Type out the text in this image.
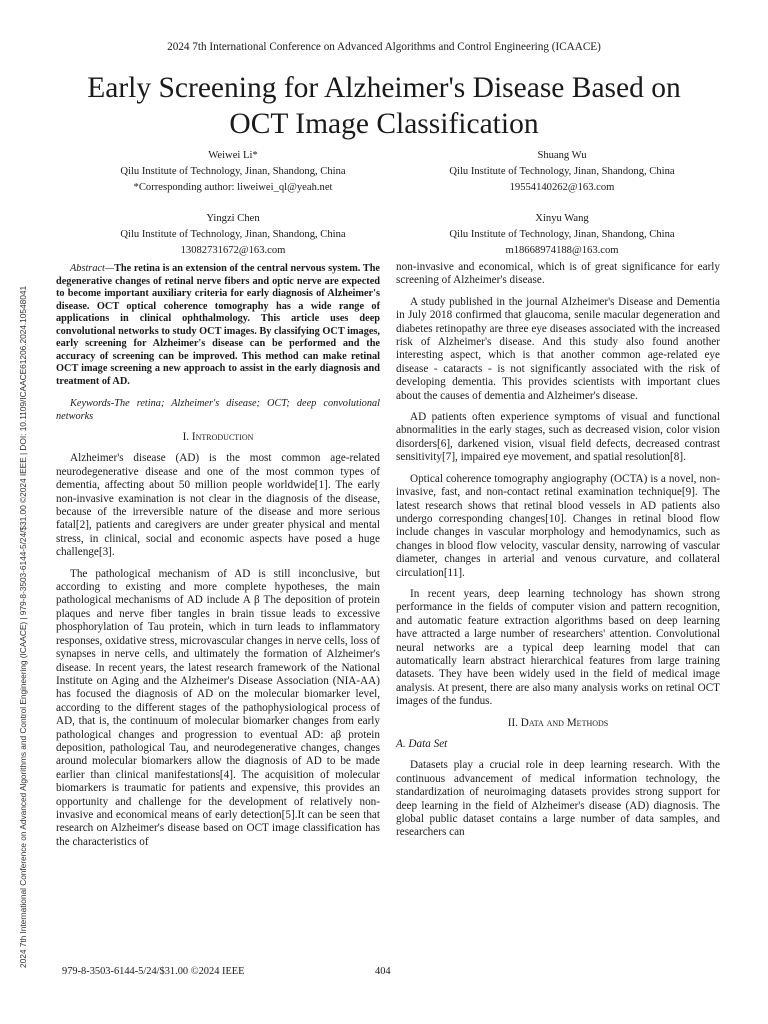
2024 7th International Conference on Advanced Algorithms and Control Engineering (ICAACE)
Early Screening for Alzheimer's Disease Based on
OCT Image Classification
Weiwei Li*
Qilu Institute of Technology, Jinan, Shandong, China
*Corresponding author: liweiwei_ql@yeah.net
Shuang Wu
Qilu Institute of Technology, Jinan, Shandong, China
19554140262@163.com
Yingzi Chen
Qilu Institute of Technology, Jinan, Shandong, China
13082731672@163.com
Xinyu Wang
Qilu Institute of Technology, Jinan, Shandong, China
m18668974188@163.com
2024 7th International Conference on Advanced Algorithms and Control Engineering (ICAACE) | 979-8-3503-6144-5/24/$31.00 ©2024 IEEE | DOI: 10.1109/ICAACE61206.2024.10548041

Abstract—The retina is an extension of the central nervous system. The degenerative changes of retinal nerve fibers and optic nerve are expected to become important auxiliary criteria for early diagnosis of Alzheimer's disease. OCT optical coherence tomography has a wide range of applications in clinical ophthalmology. This article uses deep convolutional networks to study OCT images. By classifying OCT images, early screening for Alzheimer's disease can be performed and the accuracy of screening can be improved. This method can make retinal OCT image screening a new approach to assist in the early diagnosis and treatment of AD.

Keywords-The retina; Alzheimer's disease; OCT; deep convolutional networks

I. Introduction

Alzheimer's disease (AD) is the most common age-related neurodegenerative disease and one of the most common types of dementia, affecting about 50 million people worldwide[1]. The early non-invasive examination is not clear in the diagnosis of the disease, because of the irreversible nature of the disease and more serious fatal[2], patients and caregivers are under greater physical and mental stress, in clinical, social and economic aspects have posed a huge challenge[3].

The pathological mechanism of AD is still inconclusive, but according to existing and more complete hypotheses, the main pathological mechanisms of AD include A β The deposition of protein plaques and nerve fiber tangles in brain tissue leads to excessive phosphorylation of Tau protein, which in turn leads to inflammatory responses, oxidative stress, microvascular changes in nerve cells, loss of synapses in nerve cells, and ultimately the formation of Alzheimer's disease. In recent years, the latest research framework of the National Institute on Aging and the Alzheimer's Disease Association (NIA-AA) has focused the diagnosis of AD on the molecular biomarker level, according to the different stages of the pathophysiological process of AD, that is, the continuum of molecular biomarker changes from early pathological changes and progression to eventual AD: aβ protein deposition, pathological Tau, and neurodegenerative changes, changes around molecular biomarkers allow the diagnosis of AD to be made earlier than clinical manifestations[4]. The acquisition of molecular biomarkers is traumatic for patients and expensive, this provides an opportunity and challenge for the development of relatively non-invasive and economical means of early detection[5].It can be seen that research on Alzheimer's disease based on OCT image classification has the characteristics of

non-invasive and economical, which is of great significance for early screening of Alzheimer's disease.

A study published in the journal Alzheimer's Disease and Dementia in July 2018 confirmed that glaucoma, senile macular degeneration and diabetes retinopathy are three eye diseases associated with the increased risk of Alzheimer's disease. And this study also found another interesting aspect, which is that another common age-related eye disease - cataracts - is not significantly associated with the risk of developing dementia. This provides scientists with important clues about the causes of dementia and Alzheimer's disease.

AD patients often experience symptoms of visual and functional abnormalities in the early stages, such as decreased vision, color vision disorders[6], darkened vision, visual field defects, decreased contrast sensitivity[7], impaired eye movement, and spatial resolution[8].

Optical coherence tomography angiography (OCTA) is a novel, non-invasive, fast, and non-contact retinal examination technique[9]. The latest research shows that retinal blood vessels in AD patients also undergo corresponding changes[10]. Changes in retinal blood flow include changes in vascular morphology and hemodynamics, such as changes in blood flow velocity, vascular density, narrowing of vascular diameter, changes in arterial and venous curvature, and collateral circulation[11].

In recent years, deep learning technology has shown strong performance in the fields of computer vision and pattern recognition, and automatic feature extraction algorithms based on deep learning have attracted a large number of researchers' attention. Convolutional neural networks are a typical deep learning model that can automatically learn abstract hierarchical features from large training datasets. They have been widely used in the field of medical image analysis. At present, there are also many analysis works on retinal OCT images of the fundus.

II. Data and Methods

A. Data Set

Datasets play a crucial role in deep learning research. With the continuous advancement of medical information technology, the standardization of neuroimaging datasets provides strong support for deep learning in the field of Alzheimer's disease (AD) diagnosis. The global public dataset contains a large number of data samples, and researchers can

979-8-3503-6144-5/24/$31.00 ©2024 IEEE	404
